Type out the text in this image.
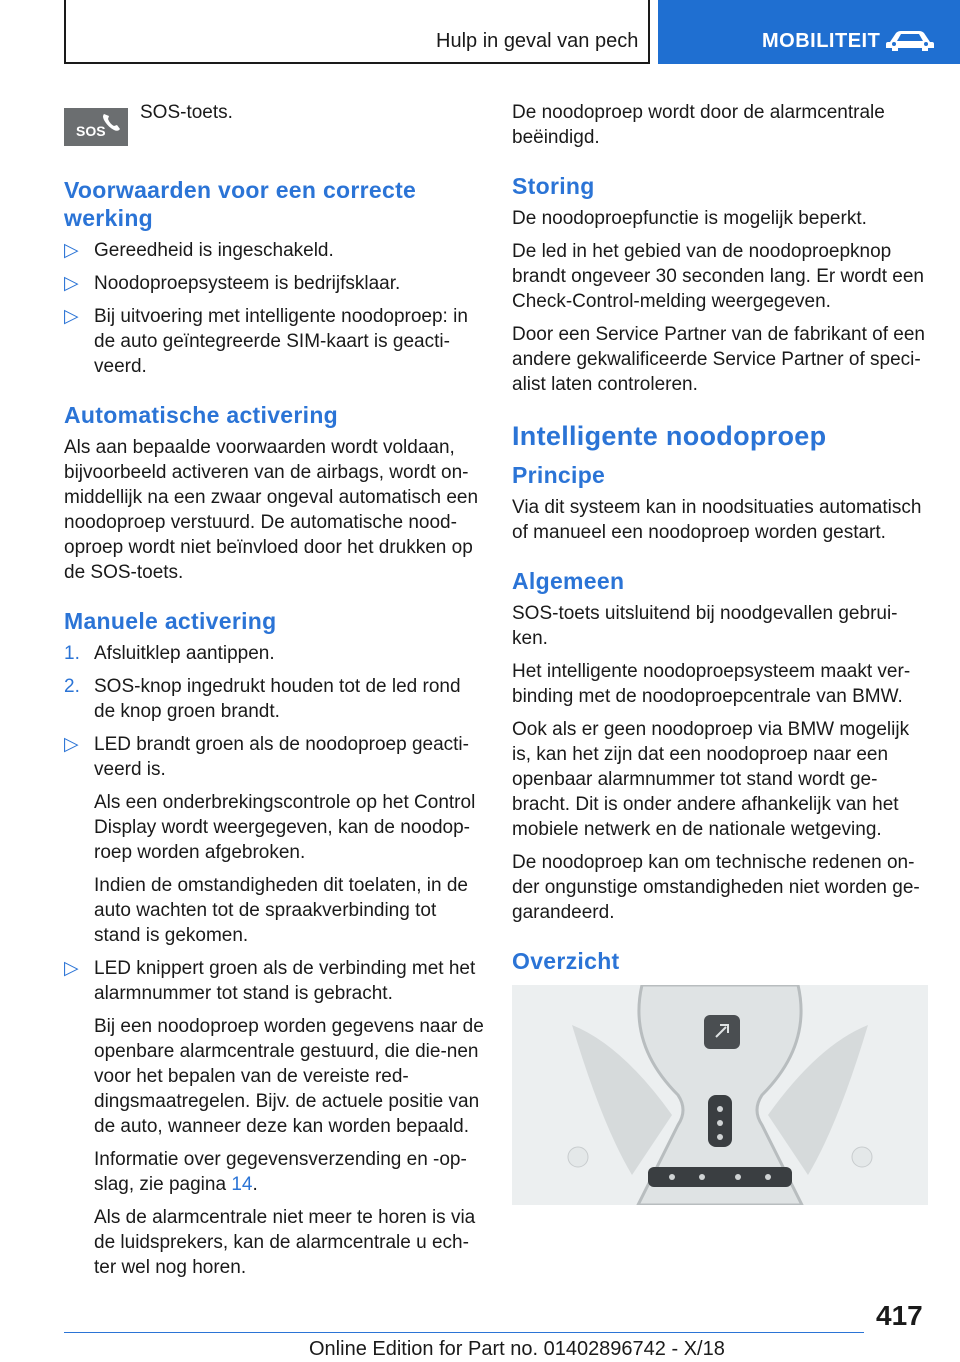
Hulp in geval van pech	MOBILITEIT
SOS

SOS-toets.

Voorwaarden voor een correcte werking
▷ Gereedheid is ingeschakeld.

▷ Noodoproepsysteem is bedrijfsklaar.

▷ Bij uitvoering met intelligente noodoproep: in de auto geïntegreerde SIM-kaart is geacti-veerd.

Automatische activering

Als aan bepaalde voorwaarden wordt voldaan, bijvoorbeeld activeren van de airbags, wordt on-middellijk na een zwaar ongeval automatisch een noodoproep verstuurd. De automatische nood-oproep wordt niet beïnvloed door het drukken op de SOS-toets.

Manuele activering
1. Afsluitklep aantippen.

2. SOS-knop ingedrukt houden tot de led rond de knop groen brandt.

▷ LED brandt groen als de noodoproep geacti-veerd is.

Als een onderbrekingscontrole op het Control Display wordt weergegeven, kan de noodop-roep worden afgebroken.

Indien de omstandigheden dit toelaten, in de auto wachten tot de spraakverbinding tot stand is gekomen.

▷ LED knippert groen als de verbinding met het alarmnummer tot stand is gebracht.

Bij een noodoproep worden gegevens naar de openbare alarmcentrale gestuurd, die die-nen voor het bepalen van de vereiste red-dingsmaatregelen. Bijv. de actuele positie van de auto, wanneer deze kan worden bepaald.

Informatie over gegevensverzending en -op-slag, zie pagina 14.

Als de alarmcentrale niet meer te horen is via de luidsprekers, kan de alarmcentrale u ech-ter wel nog horen.

De noodoproep wordt door de alarmcentrale beëindigd.

Storing

De noodoproepfunctie is mogelijk beperkt.

De led in het gebied van de noodoproepknop brandt ongeveer 30 seconden lang. Er wordt een Check-Control-melding weergegeven.

Door een Service Partner van de fabrikant of een andere gekwalificeerde Service Partner of speci-alist laten controleren.

Intelligente noodoproep
Principe

Via dit systeem kan in noodsituaties automatisch of manueel een noodoproep worden gestart.

Algemeen

SOS-toets uitsluitend bij noodgevallen gebrui-ken.

Het intelligente noodoproepsysteem maakt ver-binding met de noodoproepcentrale van BMW.

Ook als er geen noodoproep via BMW mogelijk is, kan het zijn dat een noodoproep naar een openbaar alarmnummer tot stand wordt ge-bracht. Dit is onder andere afhankelijk van het mobiele netwerk en de nationale wetgeving.

De noodoproep kan om technische redenen on-der ongunstige omstandigheden niet worden ge-garandeerd.

Overzicht
417
Online Edition for Part no. 01402896742 - X/18
